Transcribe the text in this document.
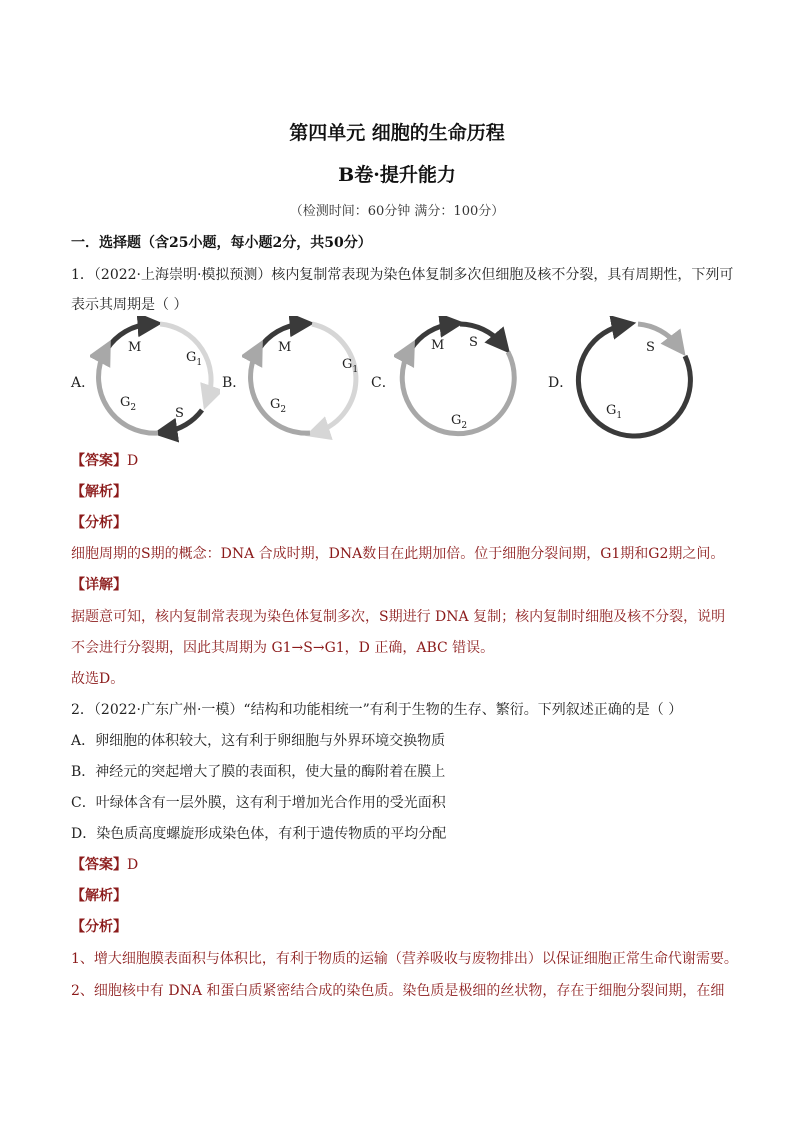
第四单元 细胞的生命历程
B卷·提升能力
（检测时间：60分钟 满分：100分）
一．选择题（含25小题，每小题2分，共50分）
1．（2022·上海崇明·模拟预测）核内复制常表现为染色体复制多次但细胞及核不分裂，具有周期性，下列可
表示其周期是（ ）
A．	B．	C．	D．
M
$G_1$
$G_2$	S
M
$G_1$
$G_2$
M S
$G_2$
S
$G_1$
【答案】D
【解析】
【分析】
细胞周期的S期的概念：DNA 合成时期，DNA数目在此期加倍。位于细胞分裂间期，G1期和G2期之间。
【详解】
据题意可知，核内复制常表现为染色体复制多次，S期进行 DNA 复制；核内复制时细胞及核不分裂，说明
不会进行分裂期，因此其周期为 G1→S→G1，D 正确，ABC 错误。
故选D。
2．（2022·广东广州·一模）“结构和功能相统一”有利于生物的生存、繁衍。下列叙述正确的是（ ）
A．卵细胞的体积较大，这有利于卵细胞与外界环境交换物质
B．神经元的突起增大了膜的表面积，使大量的酶附着在膜上
C．叶绿体含有一层外膜，这有利于增加光合作用的受光面积
D．染色质高度螺旋形成染色体，有利于遗传物质的平均分配
【答案】D
【解析】
【分析】
1、增大细胞膜表面积与体积比，有利于物质的运输（营养吸收与废物排出）以保证细胞正常生命代谢需要。
2、细胞核中有 DNA 和蛋白质紧密结合成的染色质。染色质是极细的丝状物，存在于细胞分裂间期，在细
